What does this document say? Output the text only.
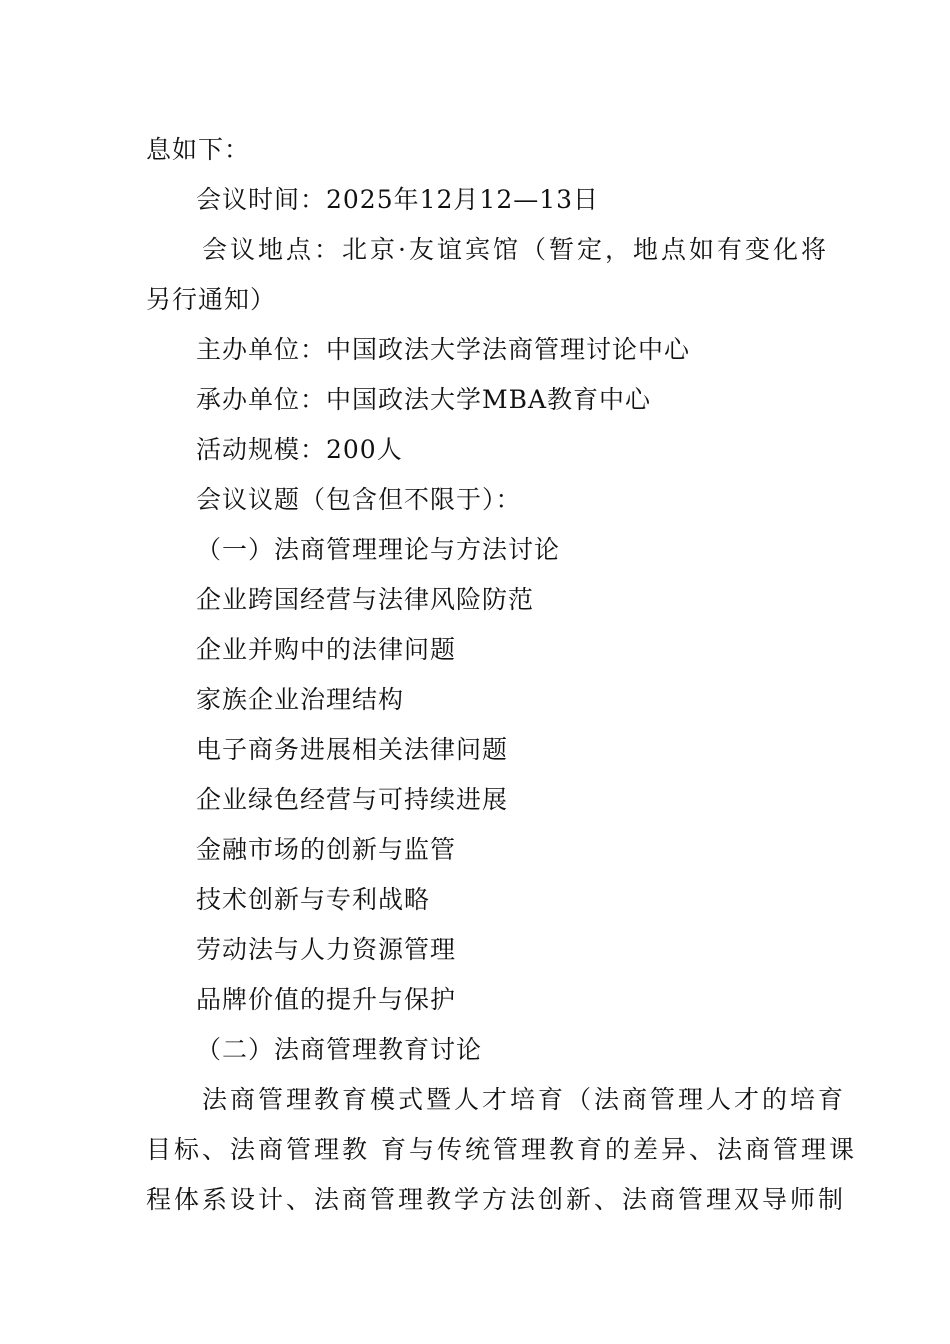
息如下：
会议时间：2025年12月12—13日
会议地点：北京·友谊宾馆（暂定，地点如有变化将
另行通知）
主办单位：中国政法大学法商管理讨论中心
承办单位：中国政法大学MBA教育中心
活动规模：200人
会议议题（包含但不限于）：
（一）法商管理理论与方法讨论
企业跨国经营与法律风险防范
企业并购中的法律问题
家族企业治理结构
电子商务进展相关法律问题
企业绿色经营与可持续进展
金融市场的创新与监管
技术创新与专利战略
劳动法与人力资源管理
品牌价值的提升与保护
（二）法商管理教育讨论
法商管理教育模式暨人才培育（法商管理人才的培育
目标、法商管理教 育与传统管理教育的差异、法商管理课
程体系设计、法商管理教学方法创新、法商管理双导师制
